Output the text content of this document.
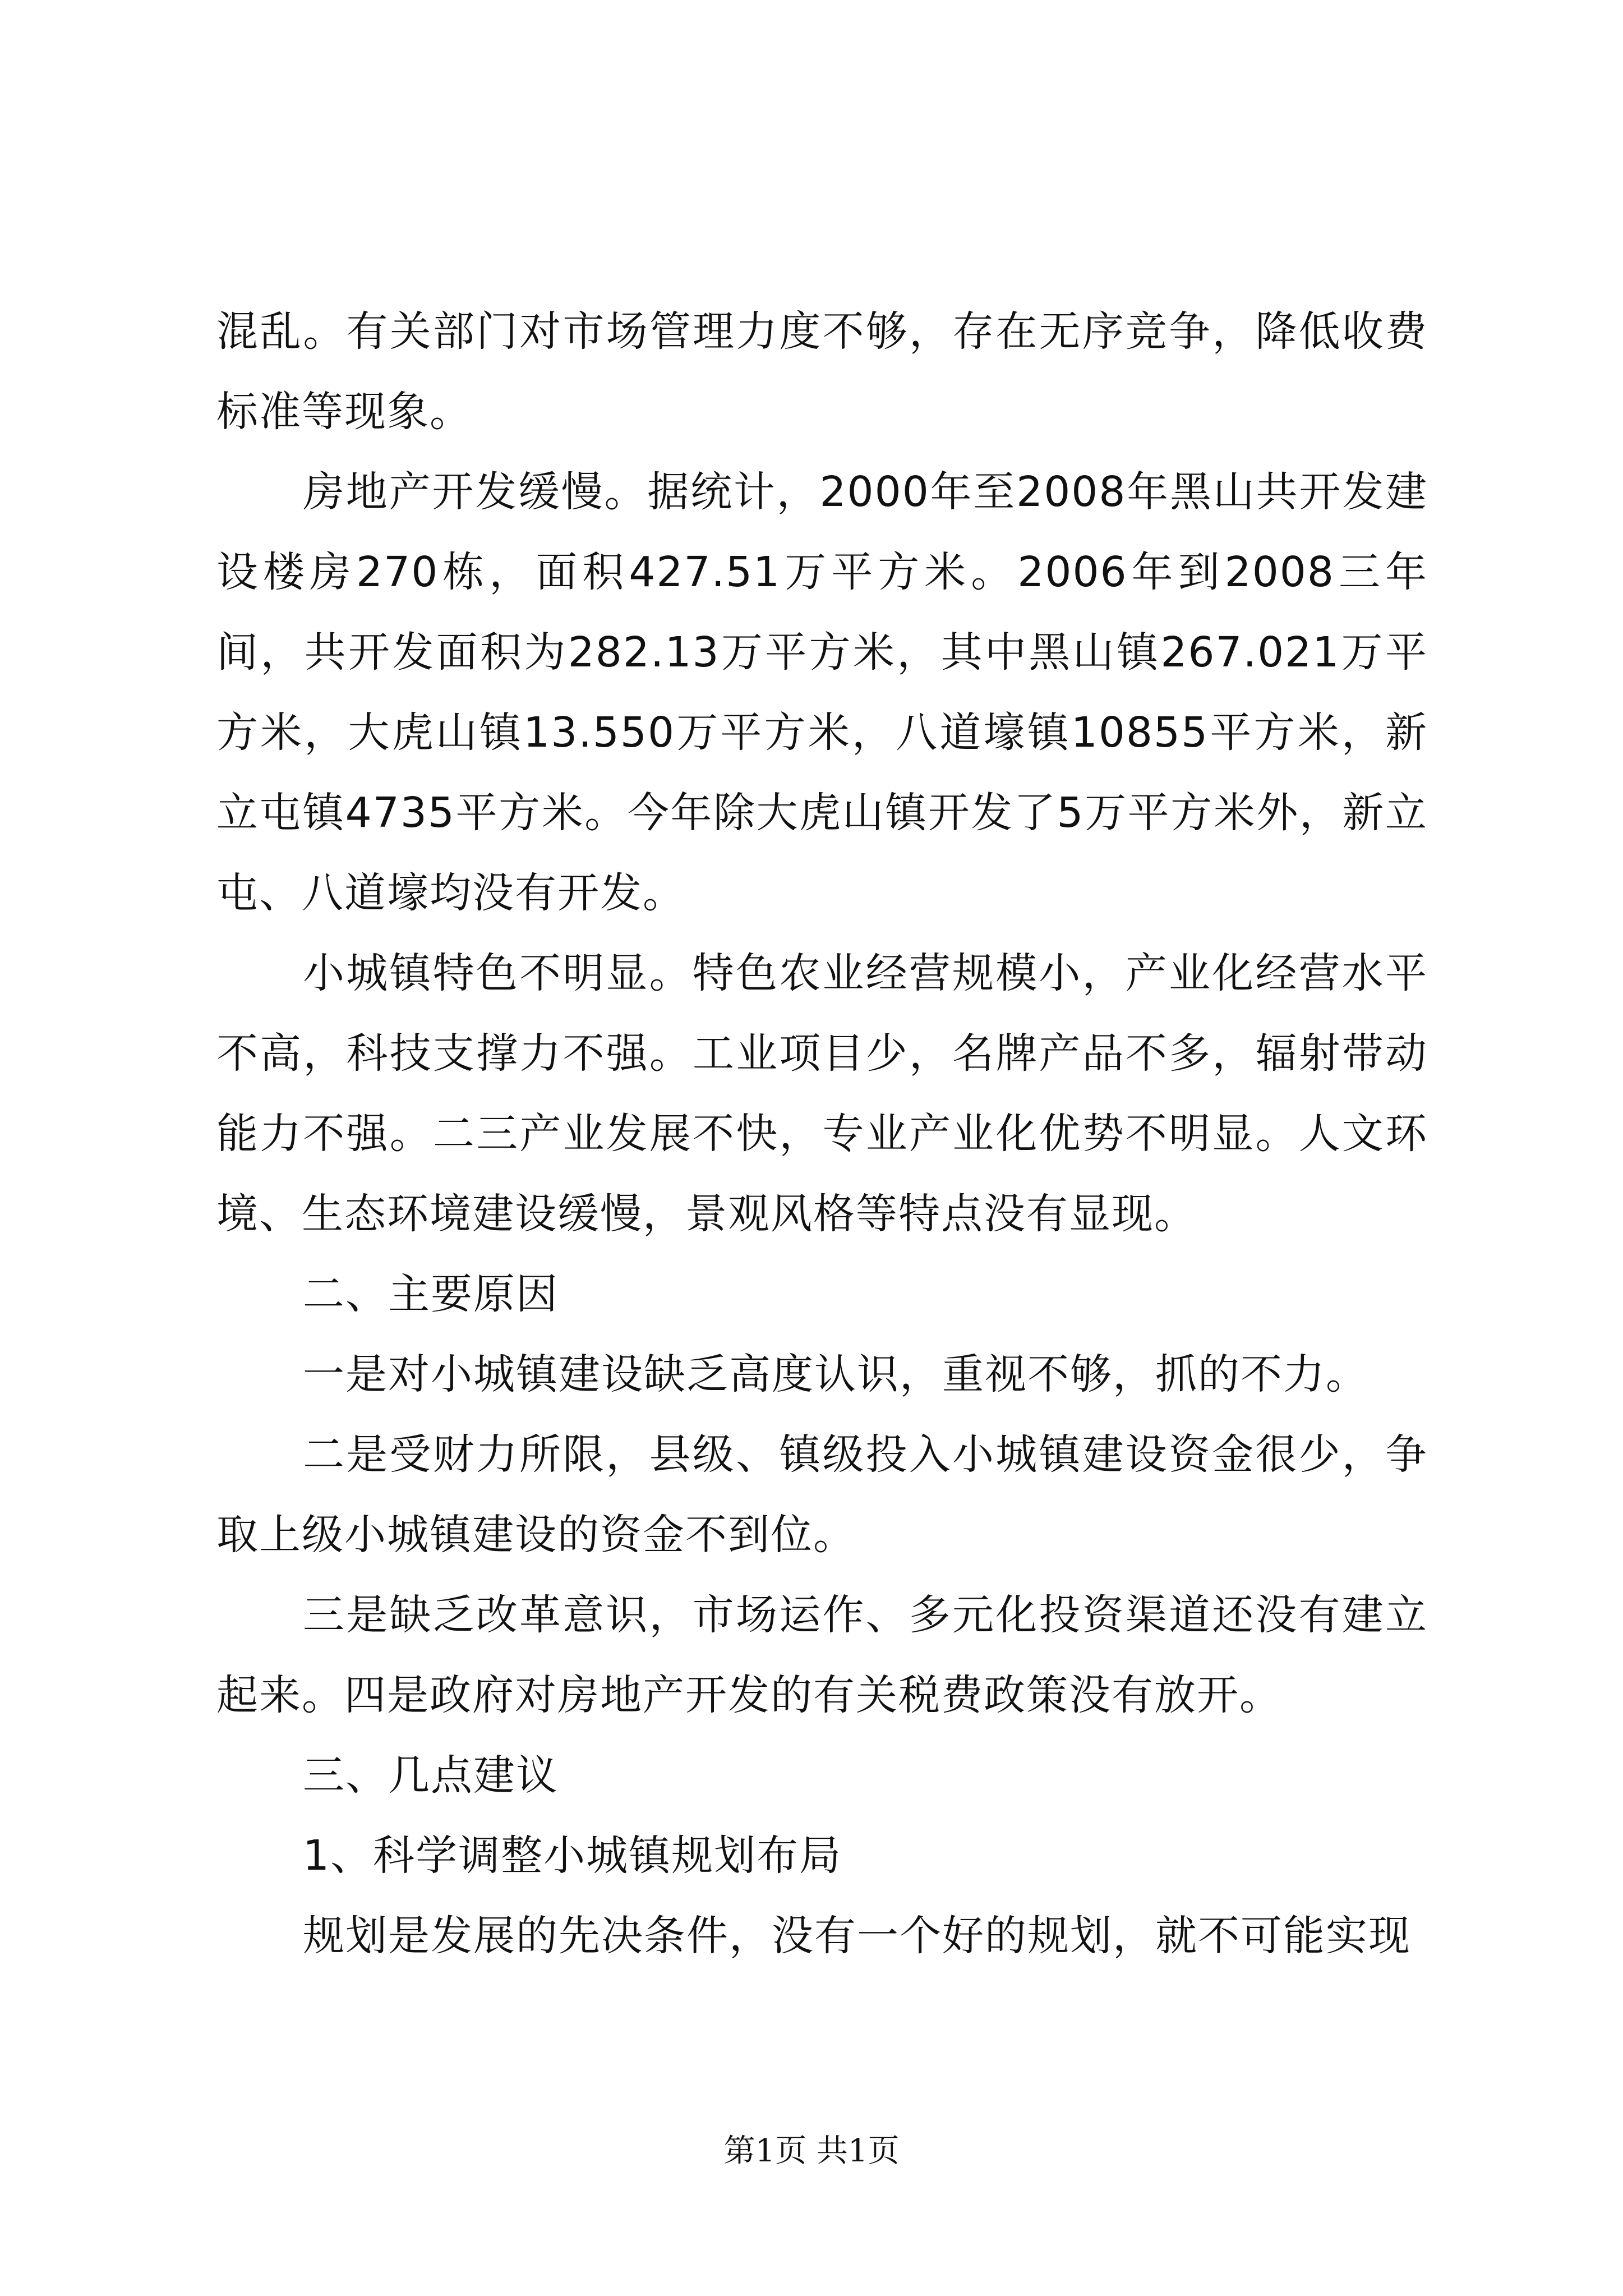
混乱。有关部门对市场管理力度不够，存在无序竞争，降低收费标准等现象。

房地产开发缓慢。据统计，2000年至2008年黑山共开发建设楼房270栋，面积427.51万平方米。2006年到2008三年间，共开发面积为282.13万平方米，其中黑山镇267.021万平方米，大虎山镇13.550万平方米，八道壕镇10855平方米，新立屯镇4735平方米。今年除大虎山镇开发了5万平方米外，新立屯、八道壕均没有开发。

小城镇特色不明显。特色农业经营规模小，产业化经营水平不高，科技支撑力不强。工业项目少，名牌产品不多，辐射带动能力不强。二三产业发展不快，专业产业化优势不明显。人文环境、生态环境建设缓慢，景观风格等特点没有显现。

二、主要原因

一是对小城镇建设缺乏高度认识，重视不够，抓的不力。

二是受财力所限，县级、镇级投入小城镇建设资金很少，争取上级小城镇建设的资金不到位。

三是缺乏改革意识，市场运作、多元化投资渠道还没有建立起来。四是政府对房地产开发的有关税费政策没有放开。

三、几点建议

1、科学调整小城镇规划布局

规划是发展的先决条件，没有一个好的规划，就不可能实现

第1页 共1页
